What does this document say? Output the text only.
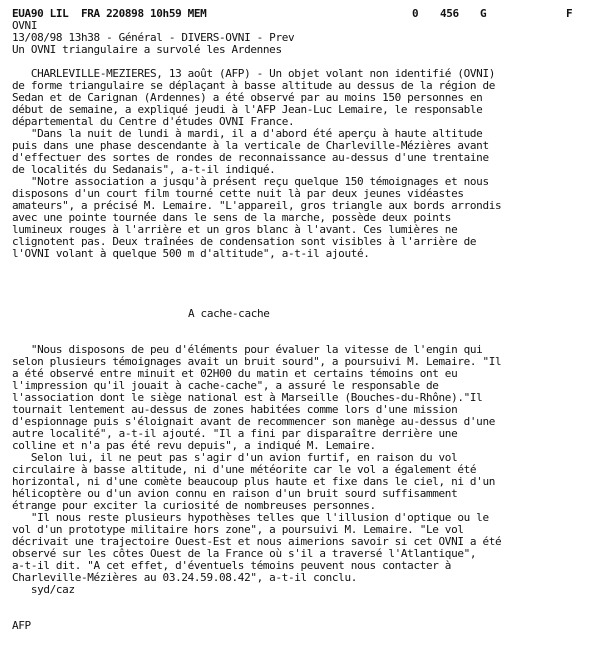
EUA90 LIL  FRA 220898 10h59 MEM	0 456 G	F
OVNI
13/08/98 13h38 - Général - DIVERS-OVNI - Prev
Un OVNI triangulaire a survolé les Ardennes
CHARLEVILLE-MEZIERES, 13 août (AFP) - Un objet volant non identifié (OVNI)
de forme triangulaire se déplaçant à basse altitude au dessus de la région de
Sedan et de Carignan (Ardennes) a été observé par au moins 150 personnes en
début de semaine, a expliqué jeudi à l'AFP Jean-Luc Lemaire, le responsable
départemental du Centre d'études OVNI France.
"Dans la nuit de lundi à mardi, il a d'abord été aperçu à haute altitude
puis dans une phase descendante à la verticale de Charleville-Mézières avant
d'effectuer des sortes de rondes de reconnaissance au-dessus d'une trentaine
de localités du Sedanais", a-t-il indiqué.
"Notre association a jusqu'à présent reçu quelque 150 témoignages et nous
disposons d'un court film tourné cette nuit là par deux jeunes vidéastes
amateurs", a précisé M. Lemaire. "L'appareil, gros triangle aux bords arrondis
avec une pointe tournée dans le sens de la marche, possède deux points
lumineux rouges à l'arrière et un gros blanc à l'avant. Ces lumières ne
clignotent pas. Deux traînées de condensation sont visibles à l'arrière de
l'OVNI volant à quelque 500 m d'altitude", a-t-il ajouté.
A cache-cache
"Nous disposons de peu d'éléments pour évaluer la vitesse de l'engin qui
selon plusieurs témoignages avait un bruit sourd", a poursuivi M. Lemaire. "Il
a été observé entre minuit et 02H00 du matin et certains témoins ont eu
l'impression qu'il jouait à cache-cache", a assuré le responsable de
l'association dont le siège national est à Marseille (Bouches-du-Rhône)."Il
tournait lentement au-dessus de zones habitées comme lors d'une mission
d'espionnage puis s'éloignait avant de recommencer son manège au-dessus d'une
autre localité", a-t-il ajouté. "Il a fini par disparaître derrière une
colline et n'a pas été revu depuis", a indiqué M. Lemaire.
Selon lui, il ne peut pas s'agir d'un avion furtif, en raison du vol
circulaire à basse altitude, ni d'une météorite car le vol a également été
horizontal, ni d'une comète beaucoup plus haute et fixe dans le ciel, ni d'un
hélicoptère ou d'un avion connu en raison d'un bruit sourd suffisamment
étrange pour exciter la curiosité de nombreuses personnes.
"Il nous reste plusieurs hypothèses telles que l'illusion d'optique ou le
vol d'un prototype militaire hors zone", a poursuivi M. Lemaire. "Le vol
décrivait une trajectoire Ouest-Est et nous aimerions savoir si cet OVNI a été
observé sur les côtes Ouest de la France où s'il a traversé l'Atlantique",
a-t-il dit. "A cet effet, d'éventuels témoins peuvent nous contacter à
Charleville-Mézières au 03.24.59.08.42", a-t-il conclu.
syd/caz
AFP
